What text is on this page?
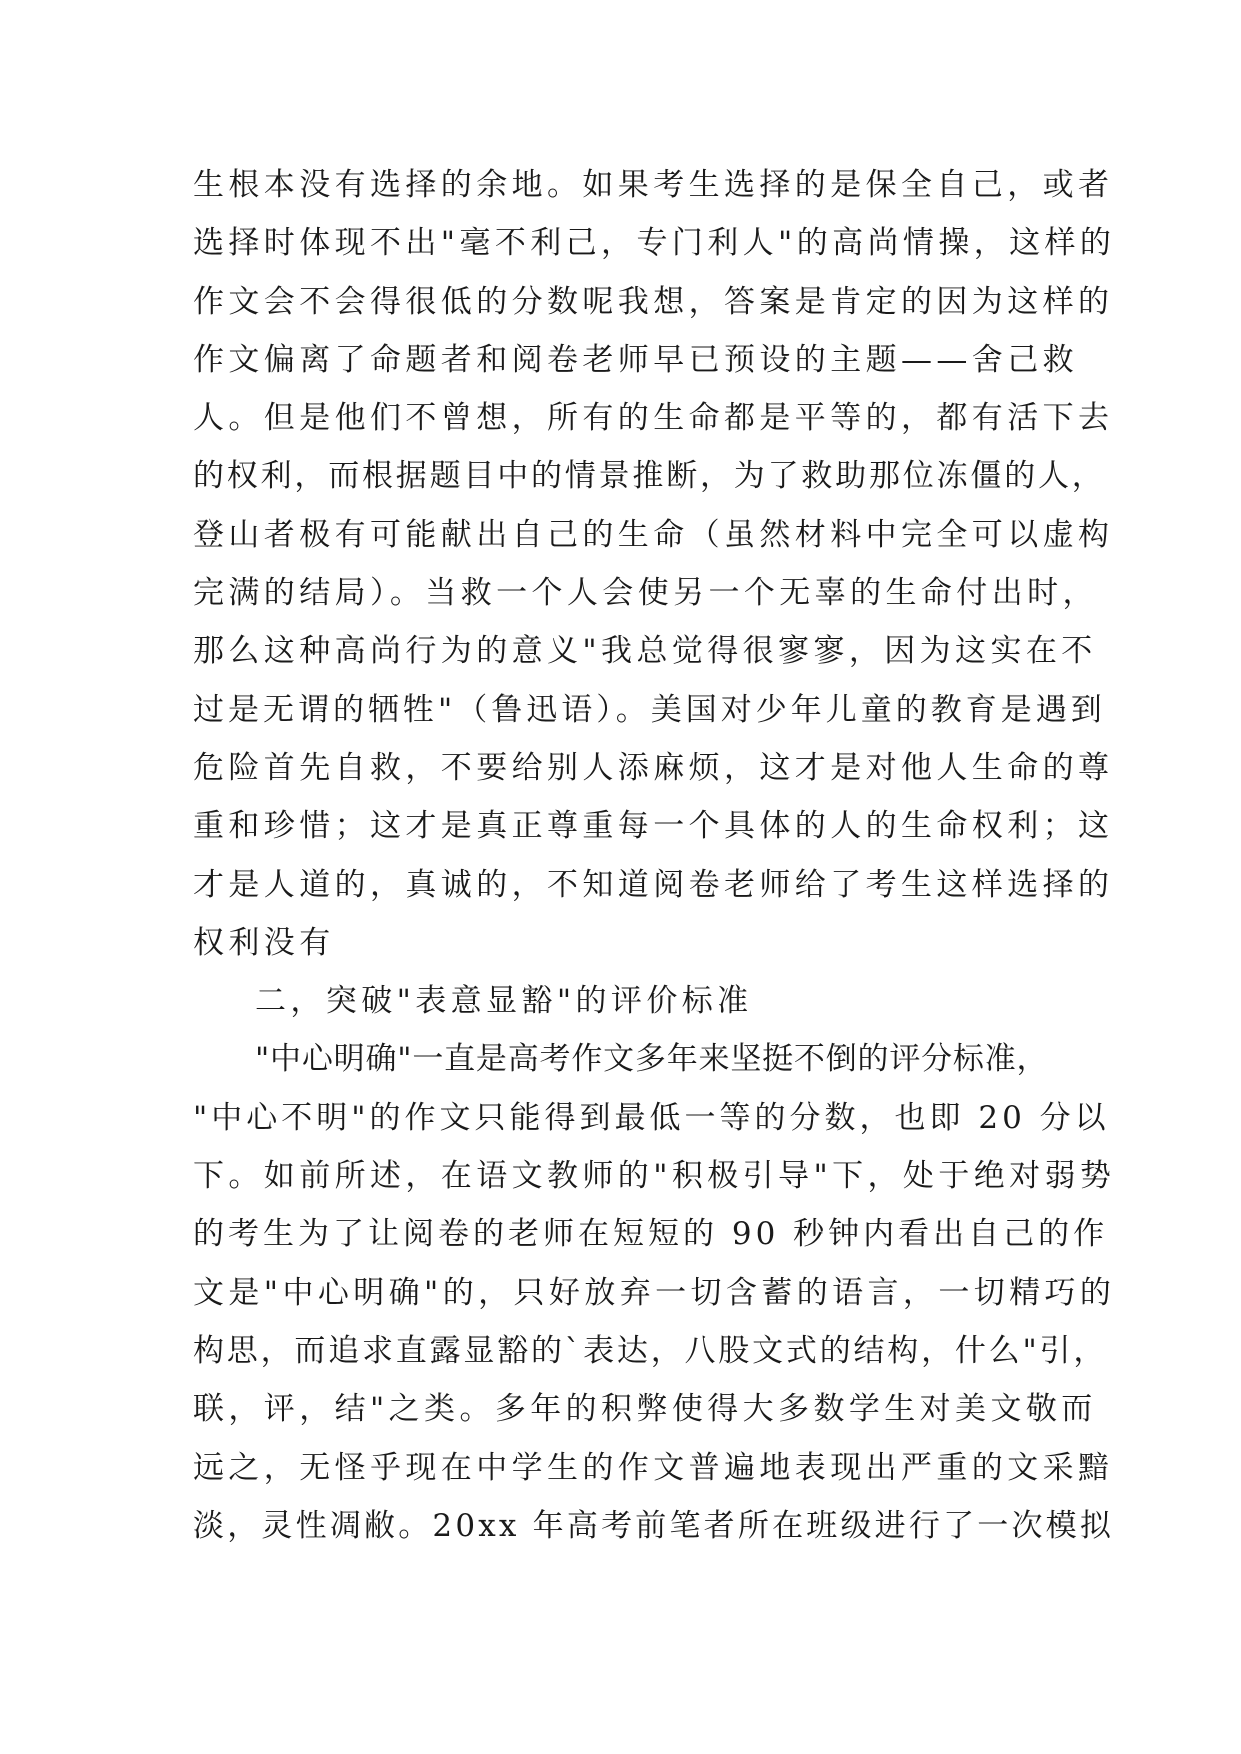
生根本没有选择的余地。如果考生选择的是保全自己，或者
选择时体现不出"毫不利己，专门利人"的高尚情操，这样的
作文会不会得很低的分数呢我想，答案是肯定的因为这样的
作文偏离了命题者和阅卷老师早已预设的主题——舍己救
人。但是他们不曾想，所有的生命都是平等的，都有活下去
的权利，而根据题目中的情景推断，为了救助那位冻僵的人，
登山者极有可能献出自己的生命（虽然材料中完全可以虚构
完满的结局）。当救一个人会使另一个无辜的生命付出时，
那么这种高尚行为的意义"我总觉得很寥寥，因为这实在不
过是无谓的牺牲"（鲁迅语）。美国对少年儿童的教育是遇到
危险首先自救，不要给别人添麻烦，这才是对他人生命的尊
重和珍惜；这才是真正尊重每一个具体的人的生命权利；这
才是人道的，真诚的，不知道阅卷老师给了考生这样选择的
权利没有
二，突破"表意显豁"的评价标准
"中心明确"一直是高考作文多年来坚挺不倒的评分标准，
"中心不明"的作文只能得到最低一等的分数，也即 20 分以
下。如前所述，在语文教师的"积极引导"下，处于绝对弱势
的考生为了让阅卷的老师在短短的 90 秒钟内看出自己的作
文是"中心明确"的，只好放弃一切含蓄的语言，一切精巧的
构思，而追求直露显豁的`表达，八股文式的结构，什么"引，
联，评，结"之类。多年的积弊使得大多数学生对美文敬而
远之，无怪乎现在中学生的作文普遍地表现出严重的文采黯
淡，灵性凋敝。20xx 年高考前笔者所在班级进行了一次模拟
